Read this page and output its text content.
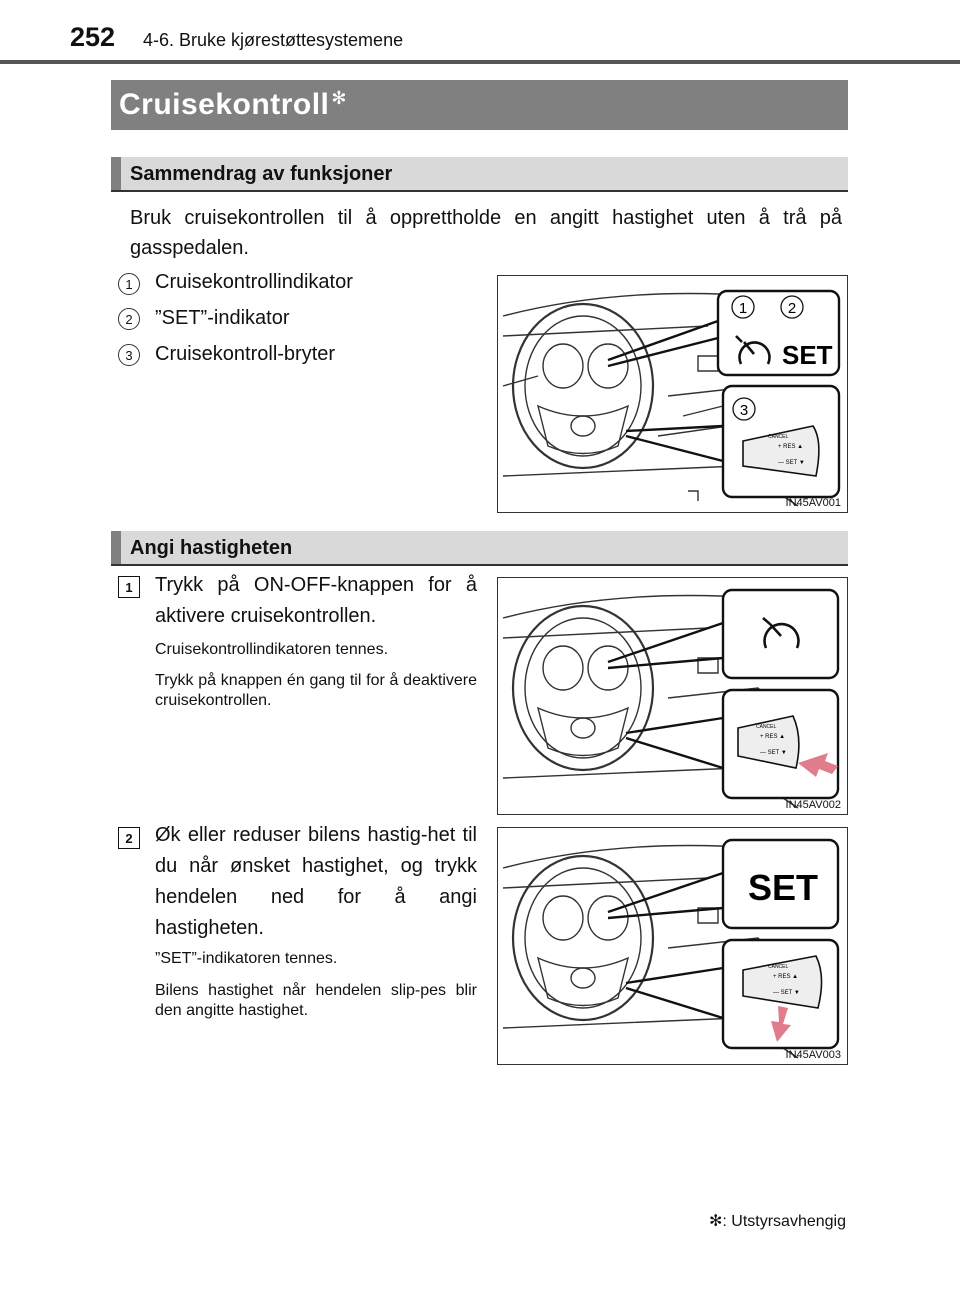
252 4-6. Bruke kjørestøttesystemene
Cruisekontroll ✻
Sammendrag av funksjoner
Bruk cruisekontrollen til å opprettholde en angitt hastighet uten å trå på gasspedalen.
1	Cruisekontrollindikator
2	”SET”-indikator
3	Cruisekontroll-bryter
1	2
3
SET
CANCEL
+ RES ▲
— SET ▼
IN45AV001
Angi hastigheten
1	Trykk på ON-OFF-knappen for å aktivere cruisekontrollen.
Cruisekontrollindikatoren tennes.
Trykk på knappen én gang til for å deaktivere cruisekontrollen.
CANCEL
+ RES ▲
— SET ▼
IN45AV002
2	Øk eller reduser bilens hastig-het til du når ønsket hastighet, og trykk hendelen ned for å angi hastigheten.
”SET”-indikatoren tennes.
Bilens hastighet når hendelen slip-pes blir den angitte hastighet.
SET
CANCEL
+ RES ▲
— SET ▼
IN45AV003
✻: Utstyrsavhengig
